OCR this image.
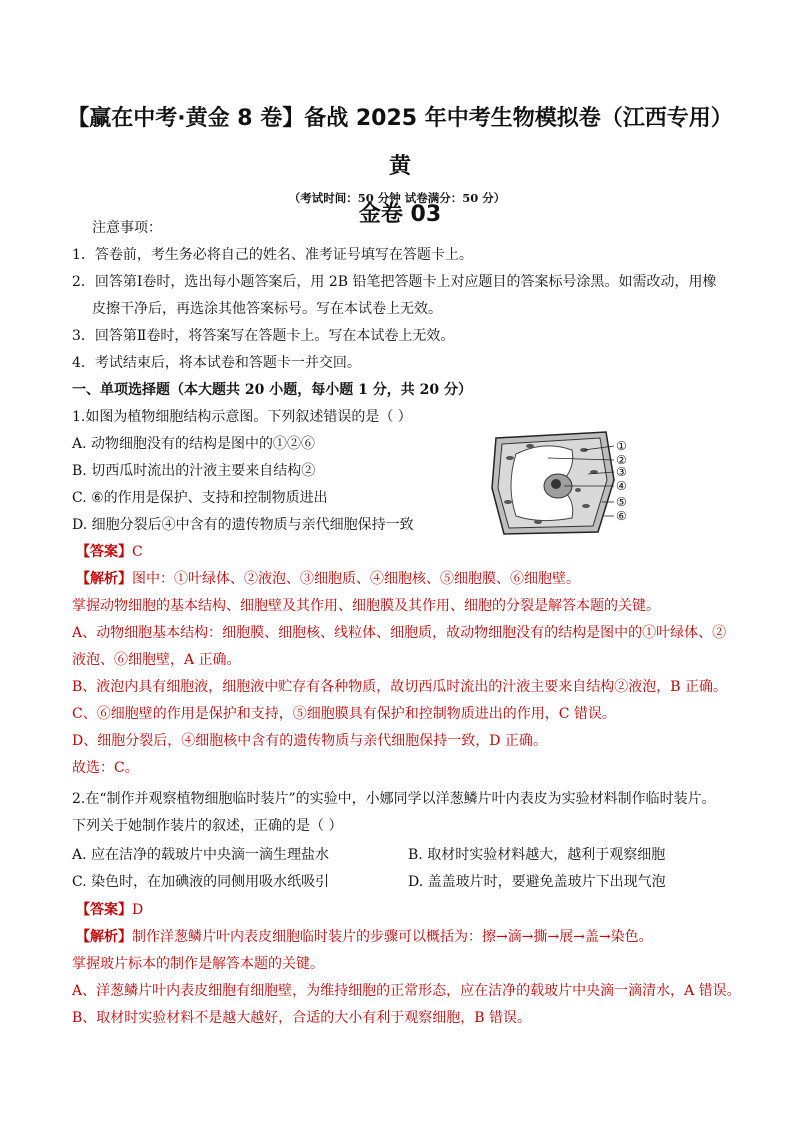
【赢在中考·黄金 8 卷】备战 2025 年中考生物模拟卷（江西专用）黄
金卷 03
（考试时间：50 分钟 试卷满分：50 分）
注意事项：
1．答卷前，考生务必将自己的姓名、准考证号填写在答题卡上。
2．回答第Ⅰ卷时，选出每小题答案后，用 2B 铅笔把答题卡上对应题目的答案标号涂黑。如需改动，用橡
皮擦干净后，再选涂其他答案标号。写在本试卷上无效。
3．回答第Ⅱ卷时，将答案写在答题卡上。写在本试卷上无效。
4．考试结束后，将本试卷和答题卡一并交回。
一、单项选择题（本大题共 20 小题，每小题 1 分，共 20 分）
1.如图为植物细胞结构示意图。下列叙述错误的是（ ）
A. 动物细胞没有的结构是图中的①②⑥
B. 切西瓜时流出的汁液主要来自结构②
C. ⑥的作用是保护、支持和控制物质进出
D. 细胞分裂后④中含有的遗传物质与亲代细胞保持一致
①
②
③
④
⑤
⑥
【答案】C
【解析】图中：①叶绿体、②液泡、③细胞质、④细胞核、⑤细胞膜、⑥细胞壁。
掌握动物细胞的基本结构、细胞壁及其作用、细胞膜及其作用、细胞的分裂是解答本题的关键。
A、动物细胞基本结构：细胞膜、细胞核、线粒体、细胞质，故动物细胞没有的结构是图中的①叶绿体、②
液泡、⑥细胞壁，A 正确。
B、液泡内具有细胞液，细胞液中贮存有各种物质，故切西瓜时流出的汁液主要来自结构②液泡，B 正确。
C、⑥细胞壁的作用是保护和支持，⑤细胞膜具有保护和控制物质进出的作用，C 错误。
D、细胞分裂后，④细胞核中含有的遗传物质与亲代细胞保持一致，D 正确。
故选：C。
2.在“制作并观察植物细胞临时装片”的实验中，小娜同学以洋葱鳞片叶内表皮为实验材料制作临时装片。
下列关于她制作装片的叙述，正确的是（ ）
A. 应在洁净的载玻片中央滴一滴生理盐水	B. 取材时实验材料越大，越利于观察细胞
C. 染色时，在加碘液的同侧用吸水纸吸引	D. 盖盖玻片时，要避免盖玻片下出现气泡
【答案】D
【解析】制作洋葱鳞片叶内表皮细胞临时装片的步骤可以概括为：擦→滴→撕→展→盖→染色。
掌握玻片标本的制作是解答本题的关键。
A、洋葱鳞片叶内表皮细胞有细胞壁，为维持细胞的正常形态，应在洁净的载玻片中央滴一滴清水，A 错误。
B、取材时实验材料不是越大越好，合适的大小有利于观察细胞，B 错误。
